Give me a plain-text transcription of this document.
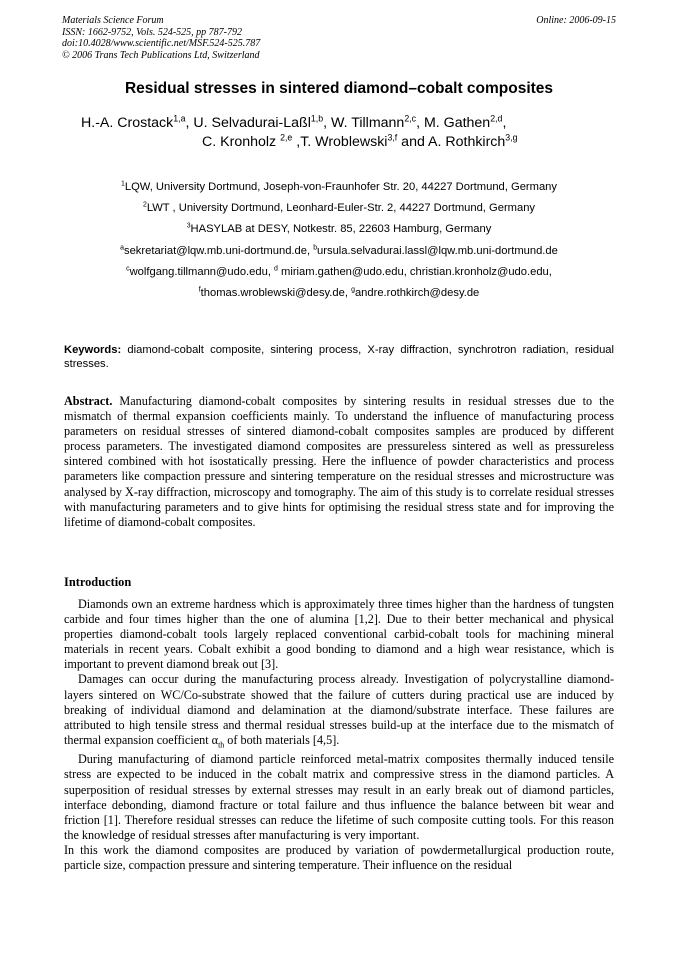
Materials Science Forum
ISSN: 1662-9752, Vols. 524-525, pp 787-792
doi:10.4028/www.scientific.net/MSF.524-525.787
© 2006 Trans Tech Publications Ltd, Switzerland
Online: 2006-09-15
Residual stresses in sintered diamond–cobalt composites
H.-A. Crostack$^{1,a}$, U. Selvadurai-Laßl$^{1,b}$, W. Tillmann$^{2,c}$, M. Gathen$^{2,d}$,
C. Kronholz $^{2,e}$ ,T. Wroblewski$^{3,f}$ and A. Rothkirch$^{3,g}$
$^1$LQW, University Dortmund, Joseph-von-Fraunhofer Str. 20, 44227 Dortmund, Germany
$^2$LWT , University Dortmund, Leonhard-Euler-Str. 2, 44227 Dortmund, Germany
$^3$HASYLAB at DESY, Notkestr. 85, 22603 Hamburg, Germany
$^a$sekretariat@lqw.mb.uni-dortmund.de, $^b$ursula.selvadurai.lassl@lqw.mb.uni-dortmund.de
$^c$wolfgang.tillmann@udo.edu, $^d$ miriam.gathen@udo.edu, christian.kronholz@udo.edu,
$^f$thomas.wroblewski@desy.de, $^g$andre.rothkirch@desy.de
Keywords: diamond-cobalt composite, sintering process, X-ray diffraction, synchrotron radiation, residual stresses.
Abstract. Manufacturing diamond-cobalt composites by sintering results in residual stresses due to the mismatch of thermal expansion coefficients mainly. To understand the influence of manufacturing process parameters on residual stresses of sintered diamond-cobalt composites samples are produced by different process parameters. The investigated diamond composites are pressureless sintered as well as pressureless sintered combined with hot isostatically pressing. Here the influence of powder characteristics and process parameters like compaction pressure and sintering temperature on the residual stresses and microstructure was analysed by X-ray diffraction, microscopy and tomography. The aim of this study is to correlate residual stresses with manufacturing parameters and to give hints for optimising the residual stress state and for improving the lifetime of diamond-cobalt composites.
Introduction

Diamonds own an extreme hardness which is approximately three times higher than the hardness of tungsten carbide and four times higher than the one of alumina [1,2]. Due to their better mechanical and physical properties diamond-cobalt tools largely replaced conventional carbid-cobalt tools for machining mineral materials in recent years. Cobalt exhibit a good bonding to diamond and a high wear resistance, which is important to prevent diamond break out [3].

Damages can occur during the manufacturing process already. Investigation of polycrystalline diamond-layers sintered on WC/Co-substrate showed that the failure of cutters during practical use are induced by breaking of individual diamond and delamination at the diamond/substrate interface. These failures are attributed to high tensile stress and thermal residual stresses build-up at the interface due to the mismatch of thermal expansion coefficient $\alpha_{th}$ of both materials [4,5].

During manufacturing of diamond particle reinforced metal-matrix composites thermally induced tensile stress are expected to be induced in the cobalt matrix and compressive stress in the diamond particles. A superposition of residual stresses by external stresses may result in an early break out of diamond particles, interface debonding, diamond fracture or total failure and thus influence the balance between bit wear and friction [1]. Therefore residual stresses can reduce the lifetime of such composite cutting tools. For this reason the knowledge of residual stresses after manufacturing is very important.

In this work the diamond composites are produced by variation of powdermetallurgical production route, particle size, compaction pressure and sintering temperature. Their influence on the residual
